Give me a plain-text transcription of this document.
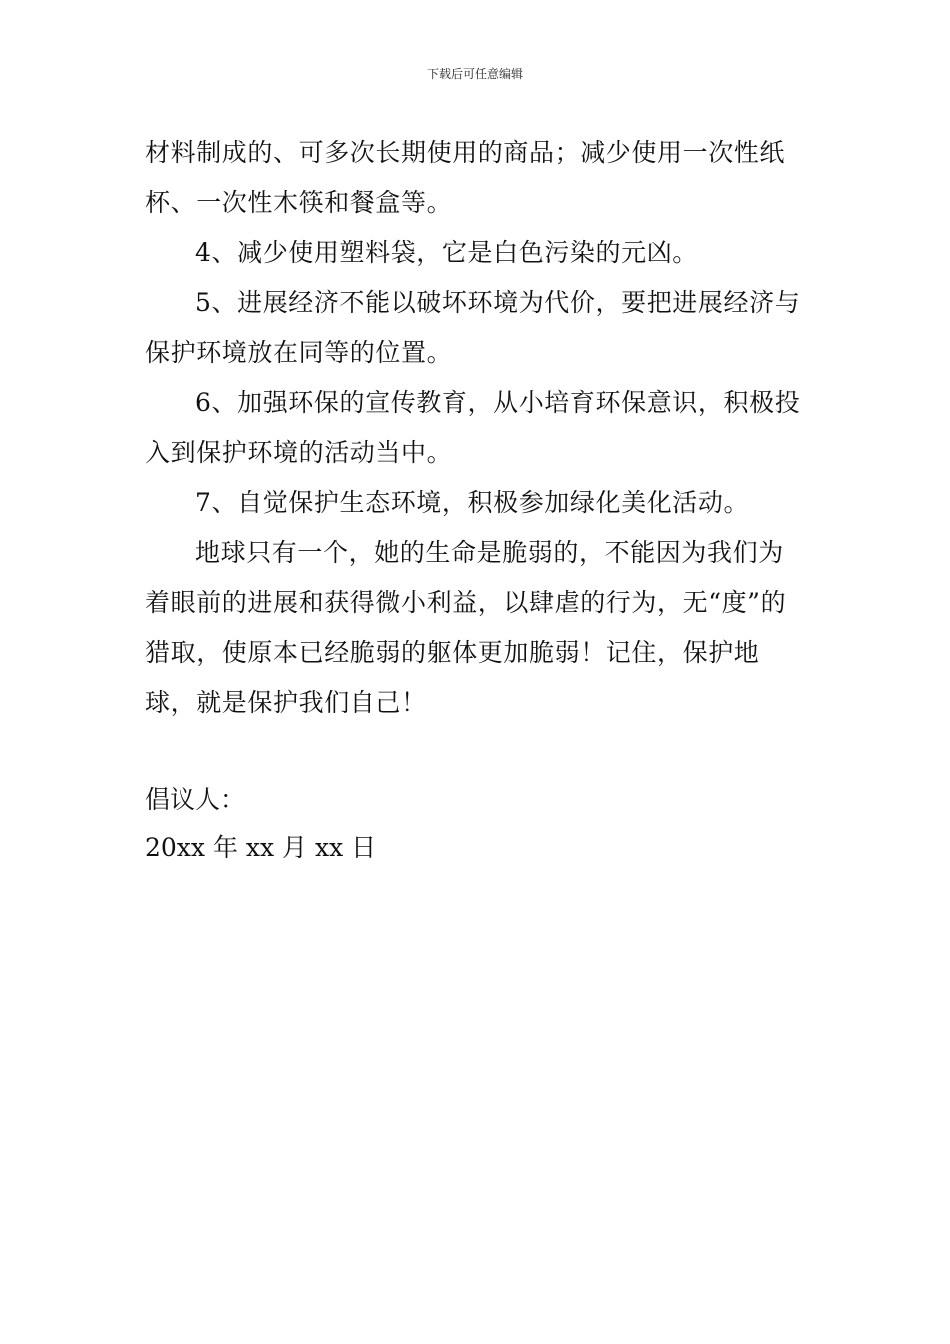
下载后可任意编辑

材料制成的、可多次长期使用的商品；减少使用一次性纸杯、一次性木筷和餐盒等。

4、减少使用塑料袋，它是白色污染的元凶。

5、进展经济不能以破坏环境为代价，要把进展经济与保护环境放在同等的位置。

6、加强环保的宣传教育，从小培育环保意识，积极投入到保护环境的活动当中。

7、自觉保护生态环境，积极参加绿化美化活动。

地球只有一个，她的生命是脆弱的，不能因为我们为着眼前的进展和获得微小利益，以肆虐的行为，无“度”的猎取，使原本已经脆弱的躯体更加脆弱！记住，保护地球，就是保护我们自己！

倡议人：
20xx 年 xx 月 xx 日
